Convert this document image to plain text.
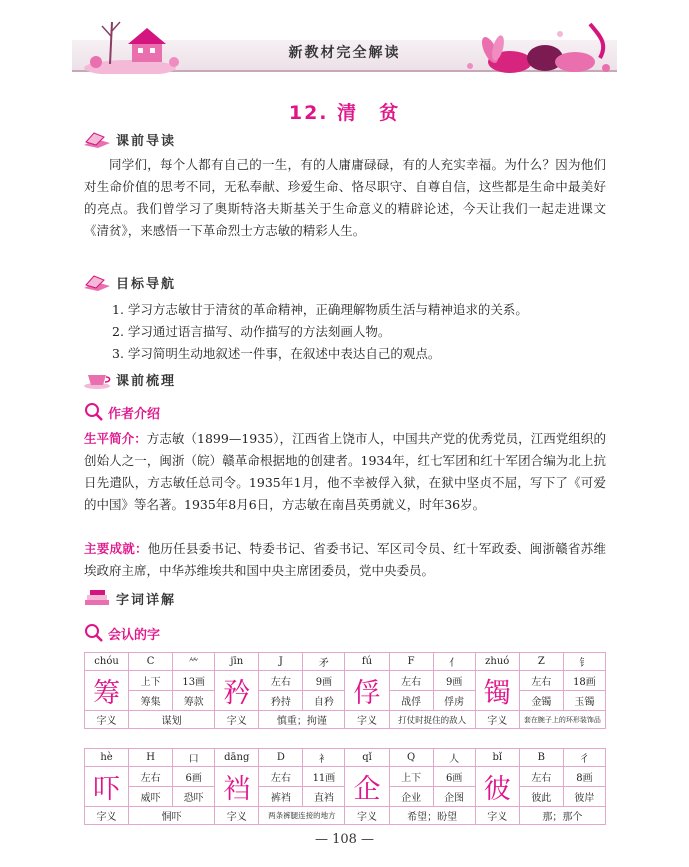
新教材完全解读
12. 清　贫
课前导读
同学们，每个人都有自己的一生，有的人庸庸碌碌，有的人充实幸福。为什么？因为他们对生命价值的思考不同，无私奉献、珍爱生命、恪尽职守、自尊自信，这些都是生命中最美好的亮点。我们曾学习了奥斯特洛夫斯基关于生命意义的精辟论述，今天让我们一起走进课文《清贫》，来感悟一下革命烈士方志敏的精彩人生。
目标导航
1. 学习方志敏甘于清贫的革命精神，正确理解物质生活与精神追求的关系。
2. 学习通过语言描写、动作描写的方法刻画人物。
3. 学习简明生动地叙述一件事，在叙述中表达自己的观点。
课前梳理
作者介绍
生平简介：方志敏（1899—1935），江西省上饶市人，中国共产党的优秀党员，江西党组织的创始人之一，闽浙（皖）赣革命根据地的创建者。1934年，红七军团和红十军团合编为北上抗日先遣队，方志敏任总司令。1935年1月，他不幸被俘入狱，在狱中坚贞不屈，写下了《可爱的中国》等名著。1935年8月6日，方志敏在南昌英勇就义，时年36岁。
主要成就：他历任县委书记、特委书记、省委书记、军区司令员、红十军政委、闽浙赣省苏维埃政府主席，中华苏维埃共和国中央主席团委员，党中央委员。
字词详解
会认的字
chóu	C	⺮	jīn	J	矛	fú	F	亻	zhuó	Z	钅
筹	上下	13画	矜	左右	9画	俘	左右	9画	镯	左右	18画
	筹集	筹款		矜持	自矜		战俘	俘虏		金镯	玉镯
字义	谋划		字义	慎重；拘谨		字义	打仗时捉住的敌人		字义	套在腕子上的环形装饰品	
hè	H	口	dāng	D	衤	qǐ	Q	人	bǐ	B	彳
吓	左右	6画	裆	左右	11画	企	上下	6画	彼	左右	8画
	威吓	恐吓		裤裆	直裆		企业	企图		彼此	彼岸
字义	恫吓		字义	两条裤腿连接的地方		字义	希望；盼望		字义	那；那个	
— 108 —
